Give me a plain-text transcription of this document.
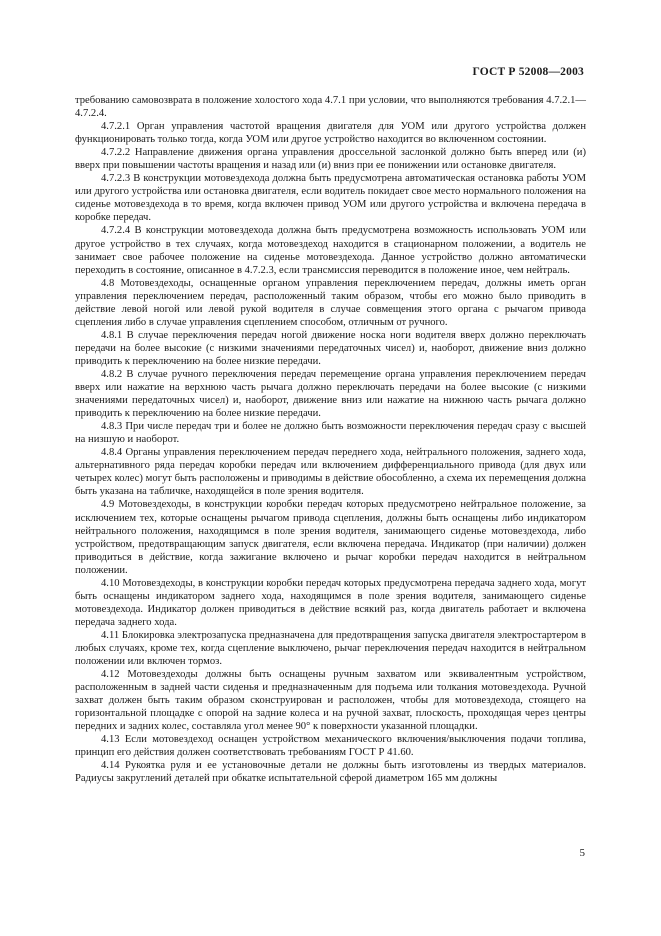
ГОСТ Р 52008—2003

требованию самовозврата в положение холостого хода 4.7.1 при условии, что выполняются требования 4.7.2.1—4.7.2.4.

4.7.2.1 Орган управления частотой вращения двигателя для УОМ или другого устройства должен функционировать только тогда, когда УОМ или другое устройство находится во включенном состоянии.

4.7.2.2 Направление движения органа управления дроссельной заслонкой должно быть вперед или (и) вверх при повышении частоты вращения и назад или (и) вниз при ее понижении или остановке двигателя.

4.7.2.3 В конструкции мотовездехода должна быть предусмотрена автоматическая остановка работы УОМ или другого устройства или остановка двигателя, если водитель покидает свое место нормального положения на сиденье мотовездехода в то время, когда включен привод УОМ или другого устройства и включена передача в коробке передач.

4.7.2.4 В конструкции мотовездехода должна быть предусмотрена возможность использовать УОМ или другое устройство в тех случаях, когда мотовездеход находится в стационарном положении, а водитель не занимает свое рабочее положение на сиденье мотовездехода. Данное устройство должно автоматически переходить в состояние, описанное в 4.7.2.3, если трансмиссия переводится в положение иное, чем нейтраль.

4.8 Мотовездеходы, оснащенные органом управления переключением передач, должны иметь орган управления переключением передач, расположенный таким образом, чтобы его можно было приводить в действие левой ногой или левой рукой водителя в случае совмещения этого органа с рычагом привода сцепления либо в случае управления сцеплением способом, отличным от ручного.

4.8.1 В случае переключения передач ногой движение носка ноги водителя вверх должно переключать передачи на более высокие (с низкими значениями передаточных чисел) и, наоборот, движение вниз должно приводить к переключению на более низкие передачи.

4.8.2 В случае ручного переключения передач перемещение органа управления переключением передач вверх или нажатие на верхнюю часть рычага должно переключать передачи на более высокие (с низкими значениями передаточных чисел) и, наоборот, движение вниз или нажатие на нижнюю часть рычага должно приводить к переключению на более низкие передачи.

4.8.3 При числе передач три и более не должно быть возможности переключения передач сразу с высшей на низшую и наоборот.

4.8.4 Органы управления переключением передач переднего хода, нейтрального положения, заднего хода, альтернативного ряда передач коробки передач или включением дифференциального привода (для двух или четырех колес) могут быть расположены и приводимы в действие обособленно, а схема их перемещения должна быть указана на табличке, находящейся в поле зрения водителя.

4.9 Мотовездеходы, в конструкции коробки передач которых предусмотрено нейтральное положение, за исключением тех, которые оснащены рычагом привода сцепления, должны быть оснащены либо индикатором нейтрального положения, находящимся в поле зрения водителя, занимающего сиденье мотовездехода, либо устройством, предотвращающим запуск двигателя, если включена передача. Индикатор (при наличии) должен приводиться в действие, когда зажигание включено и рычаг коробки передач находится в нейтральном положении.

4.10 Мотовездеходы, в конструкции коробки передач которых предусмотрена передача заднего хода, могут быть оснащены индикатором заднего хода, находящимся в поле зрения водителя, занимающего сиденье мотовездехода. Индикатор должен приводиться в действие всякий раз, когда двигатель работает и включена передача заднего хода.

4.11 Блокировка электрозапуска предназначена для предотвращения запуска двигателя электростартером в любых случаях, кроме тех, когда сцепление выключено, рычаг переключения передач находится в нейтральном положении или включен тормоз.

4.12 Мотовездеходы должны быть оснащены ручным захватом или эквивалентным устройством, расположенным в задней части сиденья и предназначенным для подъема или толкания мотовездехода. Ручной захват должен быть таким образом сконструирован и расположен, чтобы для мотовездехода, стоящего на горизонтальной площадке с опорой на задние колеса и на ручной захват, плоскость, проходящая через центры передних и задних колес, составляла угол менее 90° к поверхности указанной площадки.

4.13 Если мотовездеход оснащен устройством механического включения/выключения подачи топлива, принцип его действия должен соответствовать требованиям ГОСТ Р 41.60.

4.14 Рукоятка руля и ее установочные детали не должны быть изготовлены из твердых материалов. Радиусы закруглений деталей при обкатке испытательной сферой диаметром 165 мм должны

5
